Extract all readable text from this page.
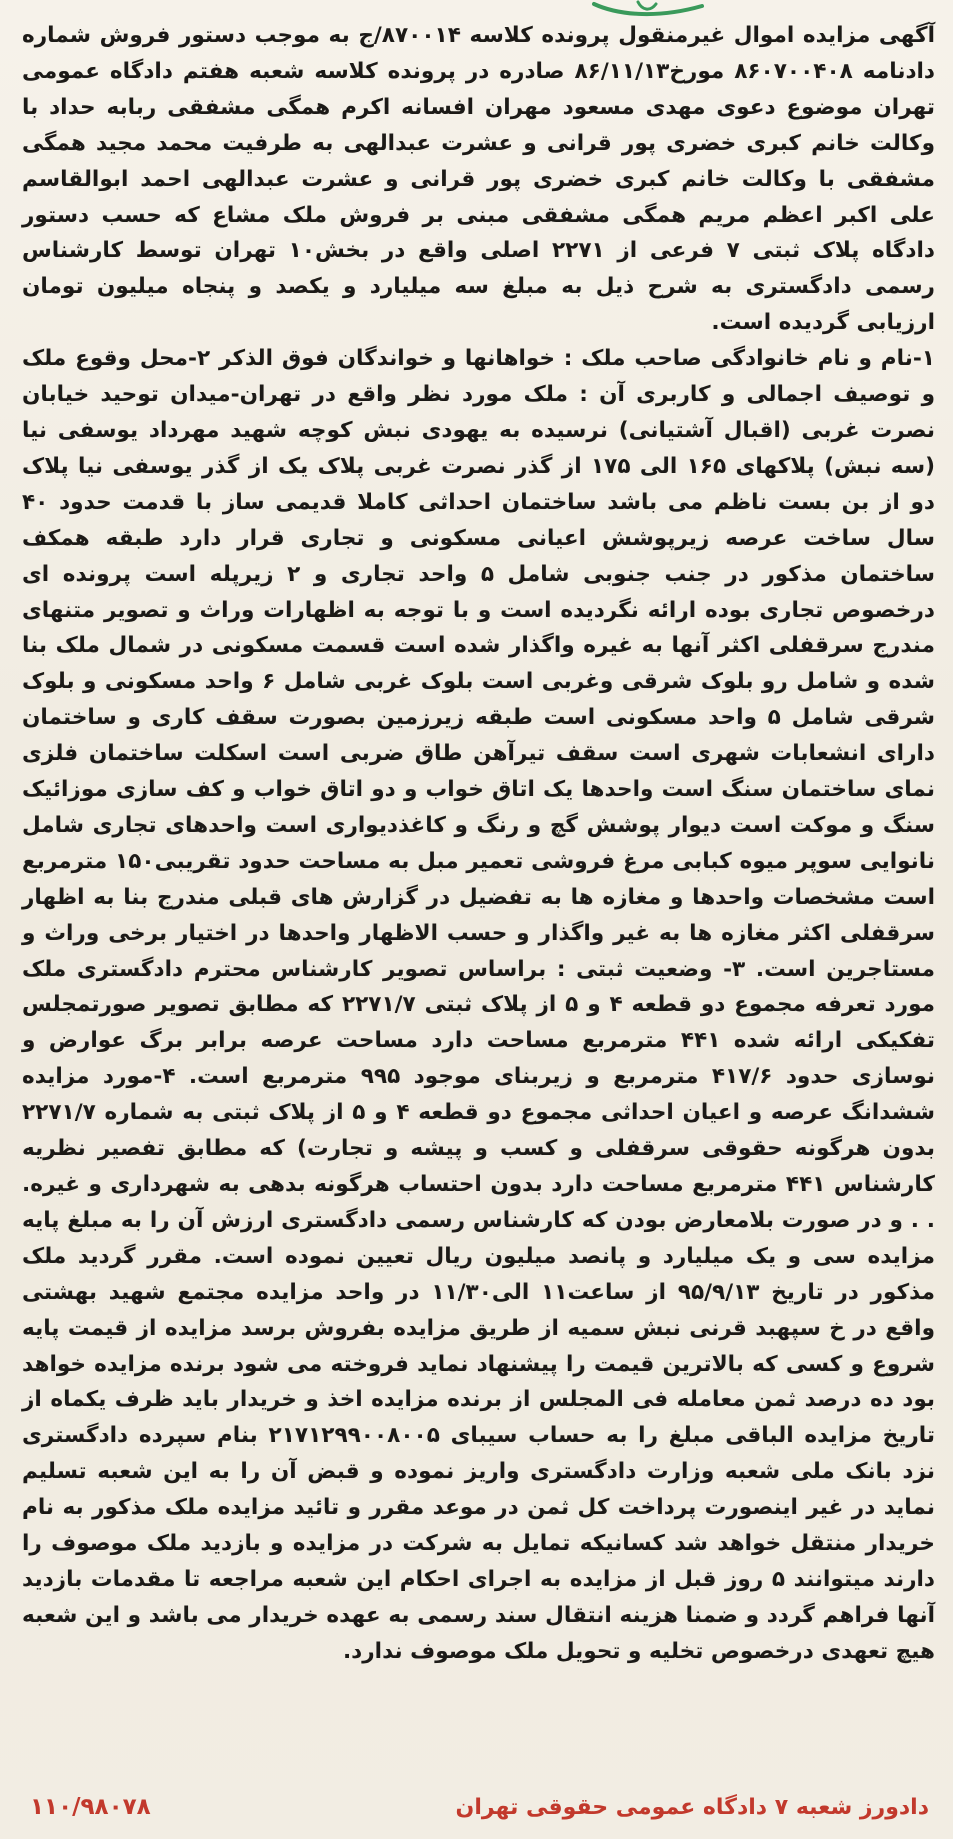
آگهی مزایده اموال غیرمنقول پرونده کلاسه ۸۷۰۰۱۴/ج به موجب دستور فروش شماره دادنامه ۸۶۰۷۰۰۴۰۸ مورخ۸۶/۱۱/۱۳ صادره در پرونده کلاسه شعبه هفتم دادگاه عمومی تهران موضوع دعوی مهدی مسعود مهران افسانه اکرم همگی مشفقی ربابه حداد با وکالت خانم کبری خضری پور قرانی و عشرت عبدالهی به طرفیت محمد مجید همگی مشفقی با وکالت خانم کبری خضری پور قرانی و عشرت عبدالهی احمد ابوالقاسم علی اکبر اعظم مریم همگی مشفقی مبنی بر فروش ملک مشاع که حسب دستور دادگاه پلاک ثبتی ۷ فرعی از ۲۲۷۱ اصلی واقع در بخش۱۰ تهران توسط کارشناس رسمی دادگستری به شرح ذیل به مبلغ سه میلیارد و یکصد و پنجاه میلیون تومان ارزیابی گردیده است.

۱-نام و نام خانوادگی صاحب ملک : خواهانها و خواندگان فوق الذکر ۲-محل وقوع ملک و توصیف اجمالی و کاربری آن : ملک مورد نظر واقع در تهران-میدان توحید خیابان نصرت غربی (اقبال آشتیانی) نرسیده به یهودی نبش کوچه شهید مهرداد یوسفی نیا (سه نبش) پلاکهای ۱۶۵ الی ۱۷۵ از گذر نصرت غربی پلاک یک از گذر یوسفی نیا پلاک دو از بن بست ناظم می باشد ساختمان احداثی کاملا قدیمی ساز با قدمت حدود ۴۰ سال ساخت عرصه زیرپوشش اعیانی مسکونی و تجاری قرار دارد طبقه همکف ساختمان مذکور در جنب جنوبی شامل ۵ واحد تجاری و ۲ زیرپله است پرونده ای درخصوص تجاری بوده ارائه نگردیده است و با توجه به اظهارات وراث و تصویر متنهای مندرج سرقفلی اکثر آنها به غیره واگذار شده است قسمت مسکونی در شمال ملک بنا شده و شامل رو بلوک شرقی وغربی است بلوک غربی شامل ۶ واحد مسکونی و بلوک شرقی شامل ۵ واحد مسکونی است طبقه زیرزمین بصورت سقف کاری و ساختمان دارای انشعابات شهری است سقف تیرآهن طاق ضربی است اسکلت ساختمان فلزی نمای ساختمان سنگ است واحدها یک اتاق خواب و دو اتاق خواب و کف سازی موزائیک سنگ و موکت است دیوار پوشش گچ و رنگ و کاغذدیواری است واحدهای تجاری شامل نانوایی سوپر میوه کبابی مرغ فروشی تعمیر مبل به مساحت حدود تقریبی۱۵۰ مترمربع است مشخصات واحدها و مغازه ها به تفضیل در گزارش های قبلی مندرج بنا به اظهار سرقفلی اکثر مغازه ها به غیر واگذار و حسب الاظهار واحدها در اختیار برخی وراث و مستاجرین است. ۳- وضعیت ثبتی : براساس تصویر کارشناس محترم دادگستری ملک مورد تعرفه مجموع دو قطعه ۴ و ۵ از پلاک ثبتی ۲۲۷۱/۷ که مطابق تصویر صورتمجلس تفکیکی ارائه شده ۴۴۱ مترمربع مساحت دارد مساحت عرصه برابر برگ عوارض و نوسازی حدود ۴۱۷/۶ مترمربع و زیربنای موجود ۹۹۵ مترمربع است. ۴-مورد مزایده ششدانگ عرصه و اعیان احداثی مجموع دو قطعه ۴ و ۵ از پلاک ثبتی به شماره ۲۲۷۱/۷ بدون هرگونه حقوقی سرقفلی و کسب و پیشه و تجارت) که مطابق تفصیر نظریه کارشناس ۴۴۱ مترمربع مساحت دارد بدون احتساب هرگونه بدهی به شهرداری و غیره. . . و در صورت بلامعارض بودن که کارشناس رسمی دادگستری ارزش آن را به مبلغ پایه مزایده سی و یک میلیارد و پانصد میلیون ریال تعیین نموده است. مقرر گردید ملک مذکور در تاریخ ۹۵/۹/۱۳ از ساعت۱۱ الی۱۱/۳۰ در واحد مزایده مجتمع شهید بهشتی واقع در خ سپهبد قرنی نبش سمیه از طریق مزایده بفروش برسد مزایده از قیمت پایه شروع و کسی که بالاترین قیمت را پیشنهاد نماید فروخته می شود برنده مزایده خواهد بود ده درصد ثمن معامله فی المجلس از برنده مزایده اخذ و خریدار باید ظرف یکماه از تاریخ مزایده الباقی مبلغ را به حساب سیبای ۲۱۷۱۲۹۹۰۰۸۰۰۵ بنام سپرده دادگستری نزد بانک ملی شعبه وزارت دادگستری واریز نموده و قبض آن را به این شعبه تسلیم نماید در غیر اینصورت پرداخت کل ثمن در موعد مقرر و تائید مزایده ملک مذکور به نام خریدار منتقل خواهد شد کسانیکه تمایل به شرکت در مزایده و بازدید ملک موصوف را دارند میتوانند ۵ روز قبل از مزایده به اجرای احکام این شعبه مراجعه تا مقدمات بازدید آنها فراهم گردد و ضمنا هزینه انتقال سند رسمی به عهده خریدار می باشد و این شعبه هیچ تعهدی درخصوص تخلیه و تحویل ملک موصوف ندارد.

دادورز شعبه ۷ دادگاه عمومی حقوقی تهران
۱۱۰/۹۸۰۷۸
